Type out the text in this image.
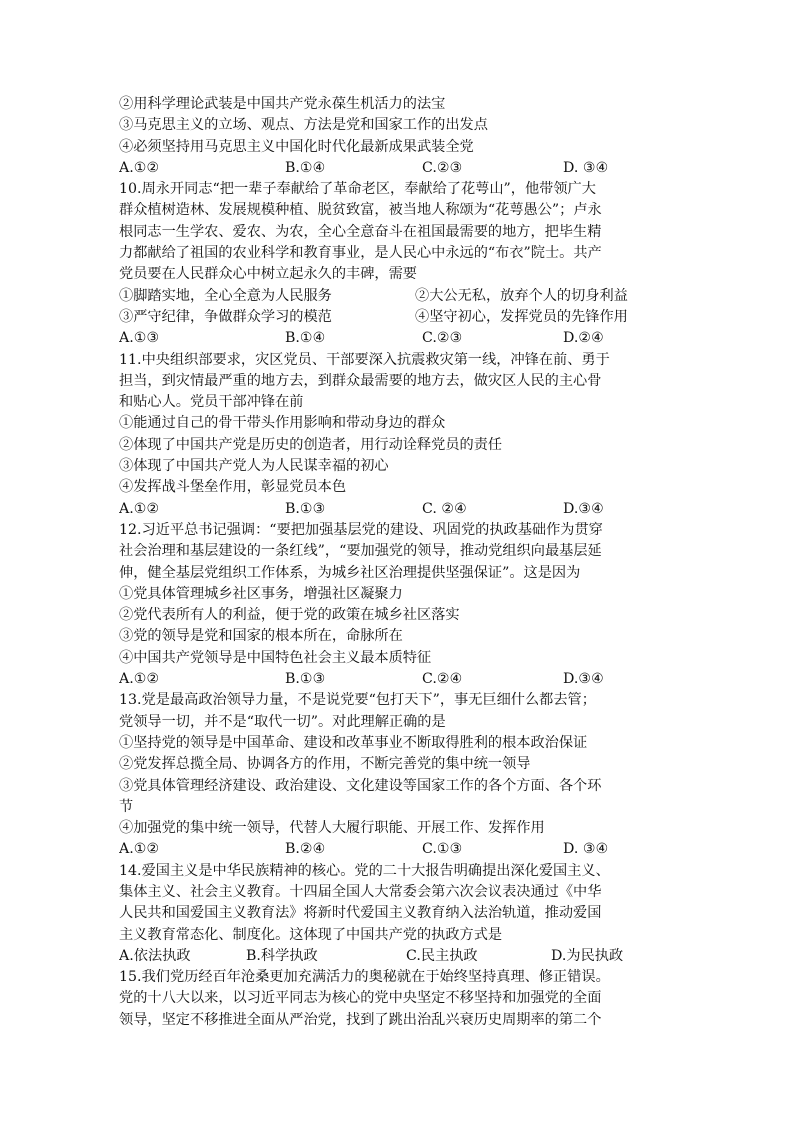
②用科学理论武装是中国共产党永葆生机活力的法宝
③马克思主义的立场、观点、方法是党和国家工作的出发点
④必须坚持用马克思主义中国化时代化最新成果武装全党
A.①②	B.①④	C.②③	D. ③④
10.周永开同志“把一辈子奉献给了革命老区，奉献给了花萼山”，他带领广大
群众植树造林、发展规模种植、脱贫致富，被当地人称颂为“花萼愚公”；卢永
根同志一生学农、爱农、为农，全心全意奋斗在祖国最需要的地方，把毕生精
力都献给了祖国的农业科学和教育事业，是人民心中永远的“布衣”院士。共产
党员要在人民群众心中树立起永久的丰碑，需要
①脚踏实地，全心全意为人民服务	②大公无私，放弃个人的切身利益
③严守纪律，争做群众学习的模范	④坚守初心，发挥党员的先锋作用
A.①③	B.①④	C.②③	D.②④
11.中央组织部要求，灾区党员、干部要深入抗震救灾第一线，冲锋在前、勇于
担当，到灾情最严重的地方去，到群众最需要的地方去，做灾区人民的主心骨
和贴心人。党员干部冲锋在前
①能通过自己的骨干带头作用影响和带动身边的群众
②体现了中国共产党是历史的创造者，用行动诠释党员的责任
③体现了中国共产党人为人民谋幸福的初心
④发挥战斗堡垒作用，彰显党员本色
A.①②	B.①③	C. ②④	D.③④
12.习近平总书记强调：“要把加强基层党的建设、巩固党的执政基础作为贯穿
社会治理和基层建设的一条红线”，“要加强党的领导，推动党组织向最基层延
伸，健全基层党组织工作体系，为城乡社区治理提供坚强保证”。这是因为
①党具体管理城乡社区事务，增强社区凝聚力
②党代表所有人的利益，便于党的政策在城乡社区落实
③党的领导是党和国家的根本所在，命脉所在
④中国共产党领导是中国特色社会主义最本质特征
A.①②	B.①③	C.②④	D.③④
13.党是最高政治领导力量，不是说党要“包打天下”，事无巨细什么都去管；
党领导一切，并不是“取代一切”。对此理解正确的是
①坚持党的领导是中国革命、建设和改革事业不断取得胜利的根本政治保证
②党发挥总揽全局、协调各方的作用，不断完善党的集中统一领导
③党具体管理经济建设、政治建设、文化建设等国家工作的各个方面、各个环
节
④加强党的集中统一领导，代替人大履行职能、开展工作、发挥作用
A.①②	B.②④	C.①③	D. ③④
14.爱国主义是中华民族精神的核心。党的二十大报告明确提出深化爱国主义、
集体主义、社会主义教育。十四届全国人大常委会第六次会议表决通过《中华
人民共和国爱国主义教育法》将新时代爱国主义教育纳入法治轨道，推动爱国
主义教育常态化、制度化。这体现了中国共产党的执政方式是
A.依法执政	B.科学执政	C.民主执政	D.为民执政
15.我们党历经百年沧桑更加充满活力的奥秘就在于始终坚持真理、修正错误。
党的十八大以来，以习近平同志为核心的党中央坚定不移坚持和加强党的全面
领导，坚定不移推进全面从严治党，找到了跳出治乱兴衰历史周期率的第二个
